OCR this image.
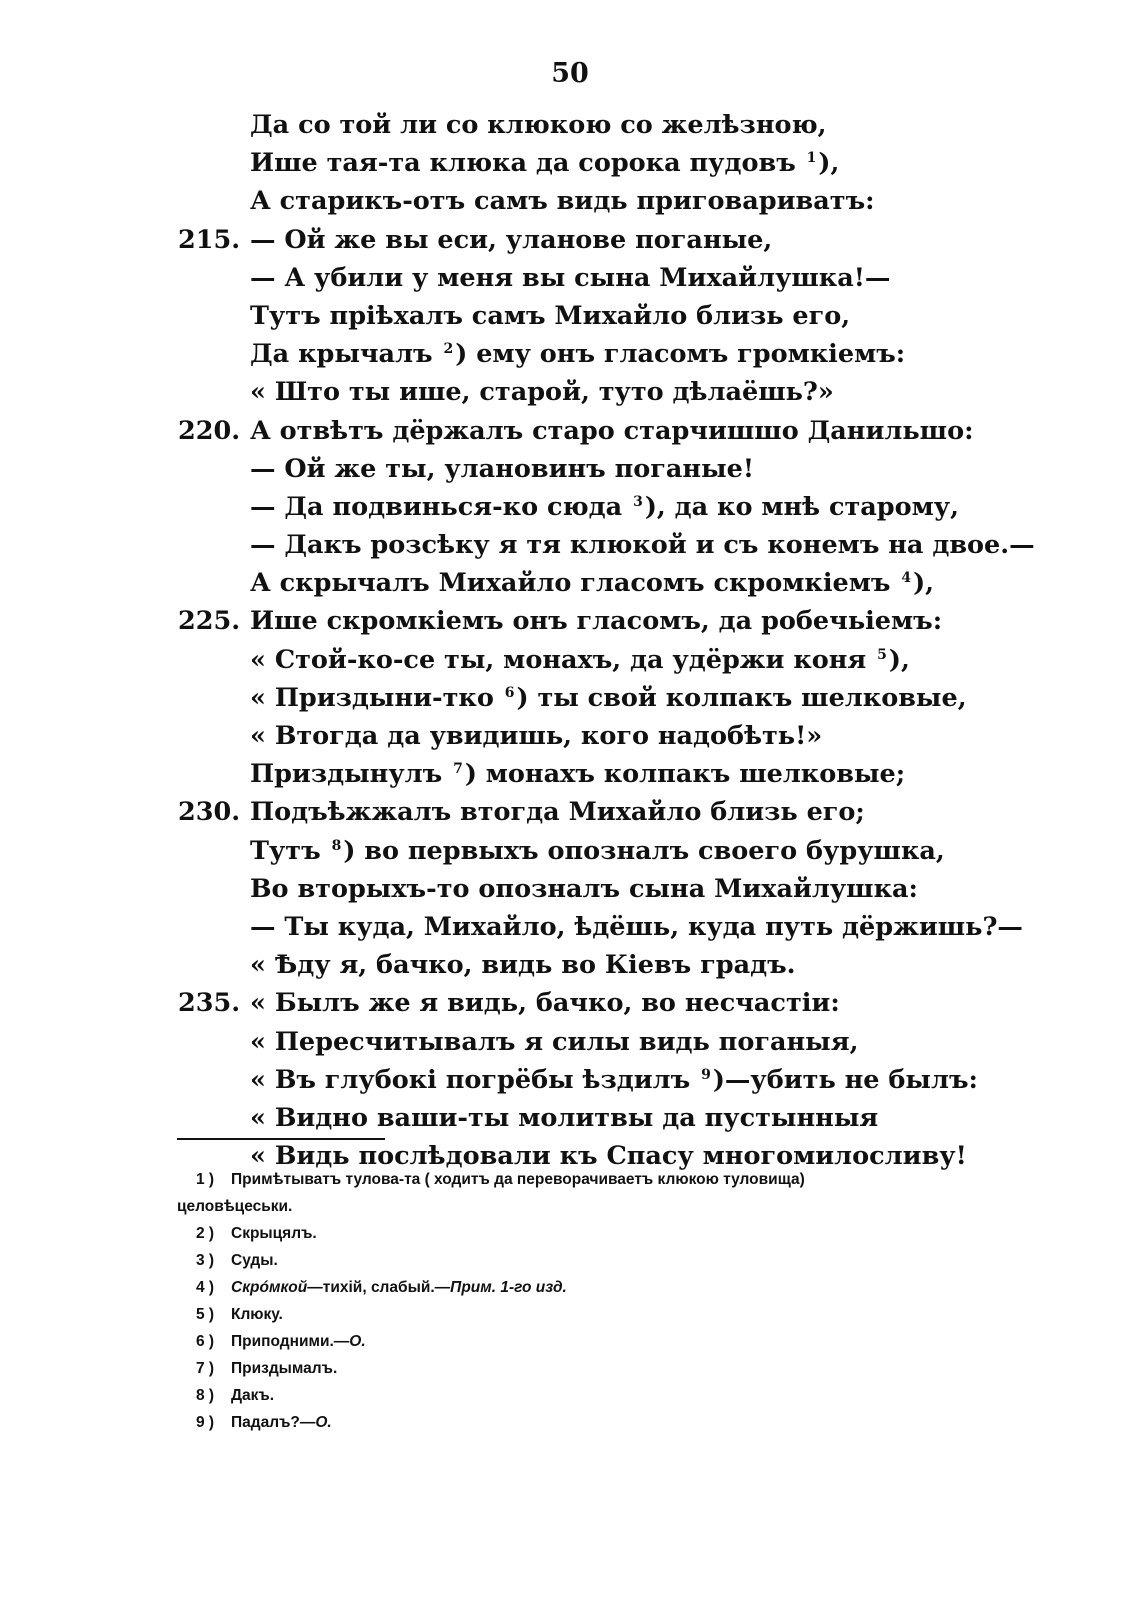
50
Да со той ли со клюкою со желѣзною,
Ише тая-та клюка да сорока пудовъ $^1$),
А старикъ-отъ самъ видь приговариватъ:
215. — Ой же вы еси, уланове поганые,
— А убили у меня вы сына Михайлушка!—
Тутъ прiѣхалъ самъ Михайло близь его,
Да крычалъ $^2$) ему онъ гласомъ громкiемъ:
« Што ты ише, старой, туто дѣлаёшь?»
220. А отвѣтъ дёржалъ старо старчишшо Данильшо:
— Ой же ты, улановинъ поганые!
— Да подвинься-ко сюда $^3$), да ко мнѣ старому,
— Дакъ розсѣку я тя клюкой и съ конемъ на двое.—
А скрычалъ Михайло гласомъ скромкiемъ $^4$),
225. Ише скромкiемъ онъ гласомъ, да робечьiемъ:
« Стой-ко-се ты, монахъ, да удёржи коня $^5$),
« Приздыни-тко $^6$) ты свой колпакъ шелковые,
« Втогда да увидишь, кого надобѣть!»
Приздынулъ $^7$) монахъ колпакъ шелковые;
230. Подъѣжжалъ втогда Михайло близь его;
Тутъ $^8$) во первыхъ опозналъ своего бурушка,
Во вторыхъ-то опозналъ сына Михайлушка:
— Ты куда, Михайло, ѣдёшь, куда путь дёржишь?—
« Ѣду я, бачко, видь во Кiевъ градъ.
235. « Былъ же я видь, бачко, во несчастiи:
« Пересчитывалъ я силы видь поганыя,
« Въ глубокi погрёбы ѣздилъ $^9$)—убить не былъ:
« Видно ваши-ты молитвы да пустынныя
« Видь послѣдовали къ Спасу многомилосливу!
1 ) Примѣтыватъ тулова-та ( ходитъ да переворачиваетъ клюкою туловища)
целовѣцеськи.
2 ) Скрыцялъ.
3 ) Суды.
4 ) Скрóмкой—тихiй, слабый.—Прим. 1-го изд.
5 ) Клюку.
6 ) Приподними.—О.
7 ) Приздымалъ.
8 ) Дакъ.
9 ) Падалъ?—О.
